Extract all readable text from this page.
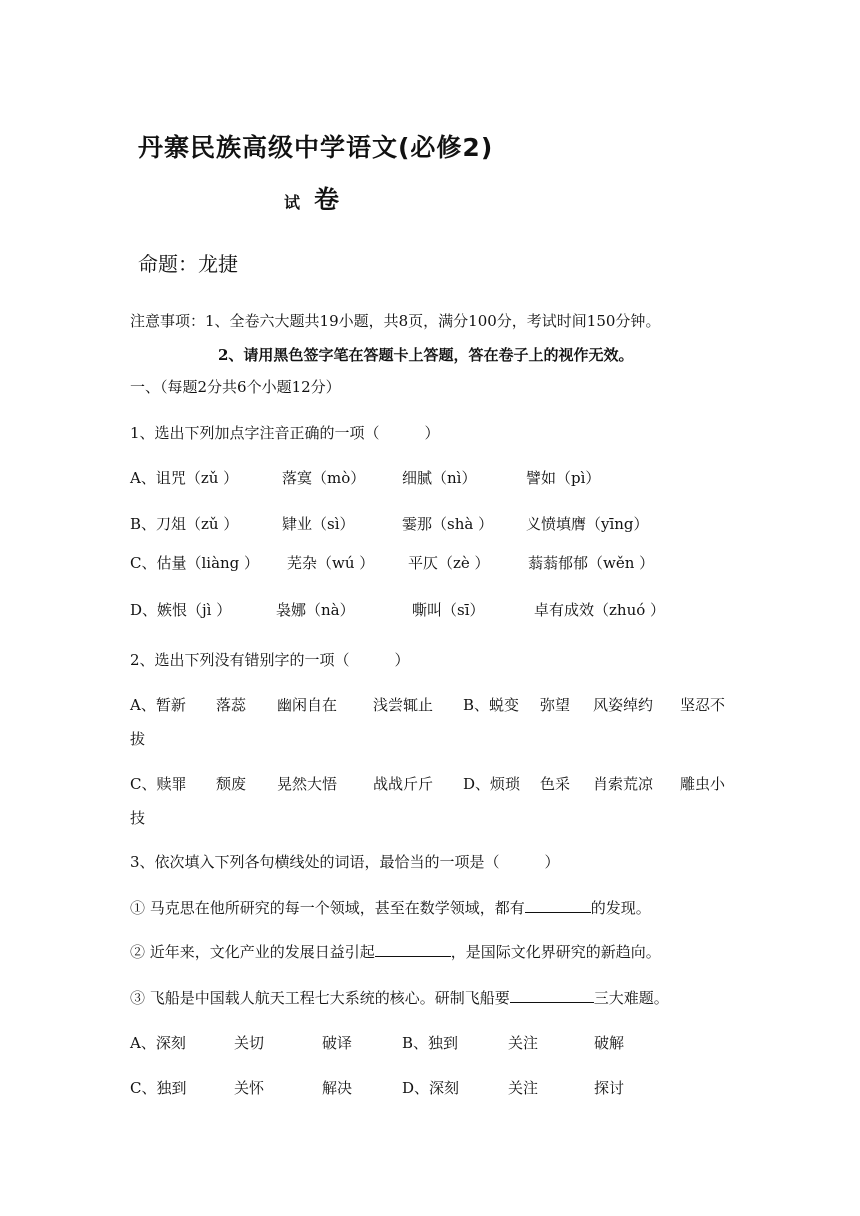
丹寨民族高级中学语文(必修2)
试 卷
命题：龙捷
注意事项：1、全卷六大题共19小题，共8页，满分100分，考试时间150分钟。
2、请用黑色签字笔在答题卡上答题，答在卷子上的视作无效。
一、（每题2分共6个小题12分）
1、选出下列加点字注音正确的一项（　　　）
A、诅咒（zǔ ）	落寞（mò） 细腻（nì）	譬如（pì）
B、刀俎（zǔ ）	肄业（sì）	霎那（shà ） 义愤填膺（yīng）
C、估量（liàng ） 芜杂（wú ） 平仄（zè ）	蓊蓊郁郁（wěn ）
D、嫉恨（jì ）	袅娜（nà）	嘶叫（sī）	卓有成效（zhuó ）
2、选出下列没有错别字的一项（　　　）
A、暂新 落蕊 幽闲自在 浅尝辄止 B、蜕变 弥望 风姿绰约 坚忍不
拔
C、赎罪 颓废 晃然大悟 战战斤斤 D、烦琐 色采 肖索荒凉 雕虫小
技
3、依次填入下列各句横线处的词语，最恰当的一项是（　　　）
① 马克思在他所研究的每一个领域，甚至在数学领域，都有	的发现。
② 近年来，文化产业的发展日益引起	，是国际文化界研究的新趋向。
③ 飞船是中国载人航天工程七大系统的核心。研制飞船要	三大难题。
A、深刻	关切	破译	B、独到	关注	破解
C、独到	关怀	解决	D、深刻	关注	探讨
